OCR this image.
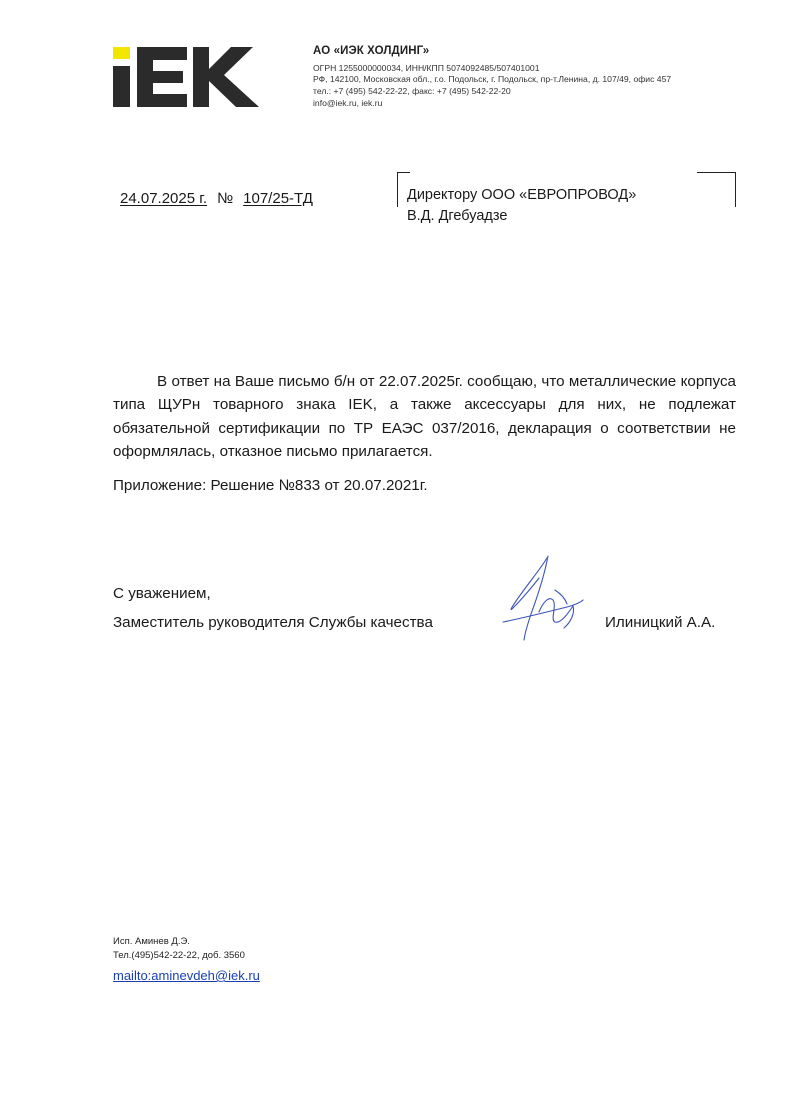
АО «ИЭК ХОЛДИНГ»
ОГРН 1255000000034, ИНН/КПП 5074092485/507401001
РФ, 142100, Московская обл., г.о. Подольск, г. Подольск, пр-т.Ленина, д. 107/49, офис 457
тел.: +7 (495) 542-22-22, факс: +7 (495) 542-22-20
info@iek.ru, iek.ru
24.07.2025 г. № 107/25-ТД	Директору ООО «ЕВРОПРОВОД»
В.Д. Дгебуадзе
В ответ на Ваше письмо б/н от 22.07.2025г. сообщаю, что металлические корпуса типа ЩУРн товарного знака IEK, а также аксессуары для них, не подлежат обязательной сертификации по ТР ЕАЭС 037/2016, декларация о соответствии не оформлялась, отказное письмо прилагается.
Приложение: Решение №833 от 20.07.2021г.
С уважением,
Заместитель руководителя Службы качества	Илиницкий А.А.
Исп. Аминев Д.Э.
Тел.(495)542-22-22, доб. 3560
mailto:aminevdeh@iek.ru
